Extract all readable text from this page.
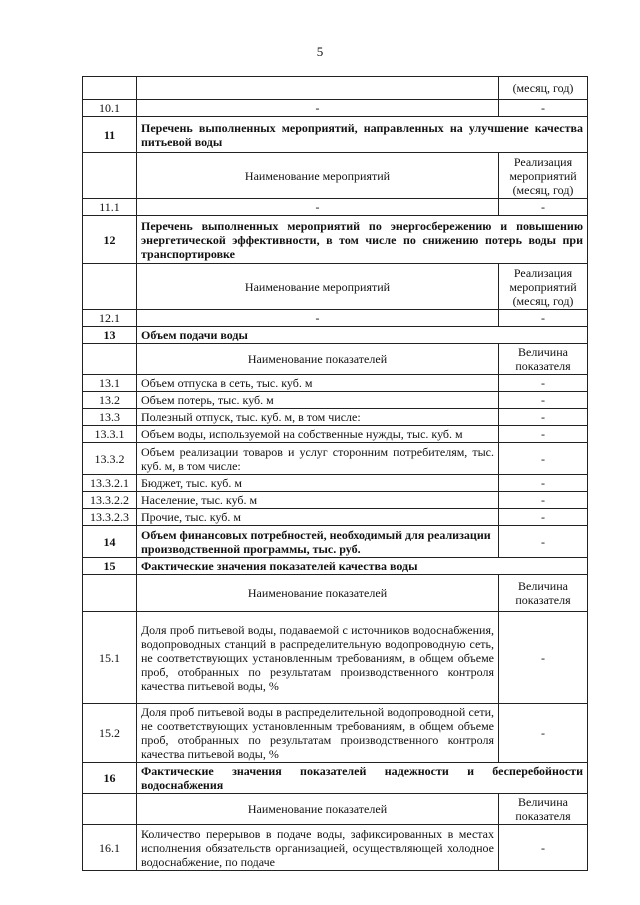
5
		(месяц, год)
10.1	-	-
11	Перечень выполненных мероприятий, направленных на улучшение качества питьевой воды	
	Наименование мероприятий	Реализация мероприятий (месяц, год)
11.1	-	-
12	Перечень выполненных мероприятий по энергосбережению и повышению энергетической эффективности, в том числе по снижению потерь воды при транспортировке	
	Наименование мероприятий	Реализация мероприятий (месяц, год)
12.1	-	-
13	Объем подачи воды	
	Наименование показателей	Величина показателя
13.1	Объем отпуска в сеть, тыс. куб. м	-
13.2	Объем потерь, тыс. куб. м	-
13.3	Полезный отпуск, тыс. куб. м, в том числе:	-
13.3.1	Объем воды, используемой на собственные нужды, тыс. куб. м	-
13.3.2	Объем реализации товаров и услуг сторонним потребителям, тыс. куб. м, в том числе:	-
13.3.2.1	Бюджет, тыс. куб. м	-
13.3.2.2	Население, тыс. куб. м	-
13.3.2.3	Прочие, тыс. куб. м	-
14	Объем финансовых потребностей, необходимый для реализации производственной программы, тыс. руб.	-
15	Фактические значения показателей качества воды	
	Наименование показателей	Величина показателя
15.1	Доля проб питьевой воды, подаваемой с источников водоснабжения, водопроводных станций в распределительную водопроводную сеть, не соответствующих установленным требованиям, в общем объеме проб, отобранных по результатам производственного контроля качества питьевой воды, %	-
15.2	Доля проб питьевой воды в распределительной водопроводной сети, не соответствующих установленным требованиям, в общем объеме проб, отобранных по результатам производственного контроля качества питьевой воды, %	-
16	Фактические значения показателей надежности и бесперебойности водоснабжения	
	Наименование показателей	Величина показателя
16.1	Количество перерывов в подаче воды, зафиксированных в местах исполнения обязательств организацией, осуществляющей холодное водоснабжение, по подаче	-
